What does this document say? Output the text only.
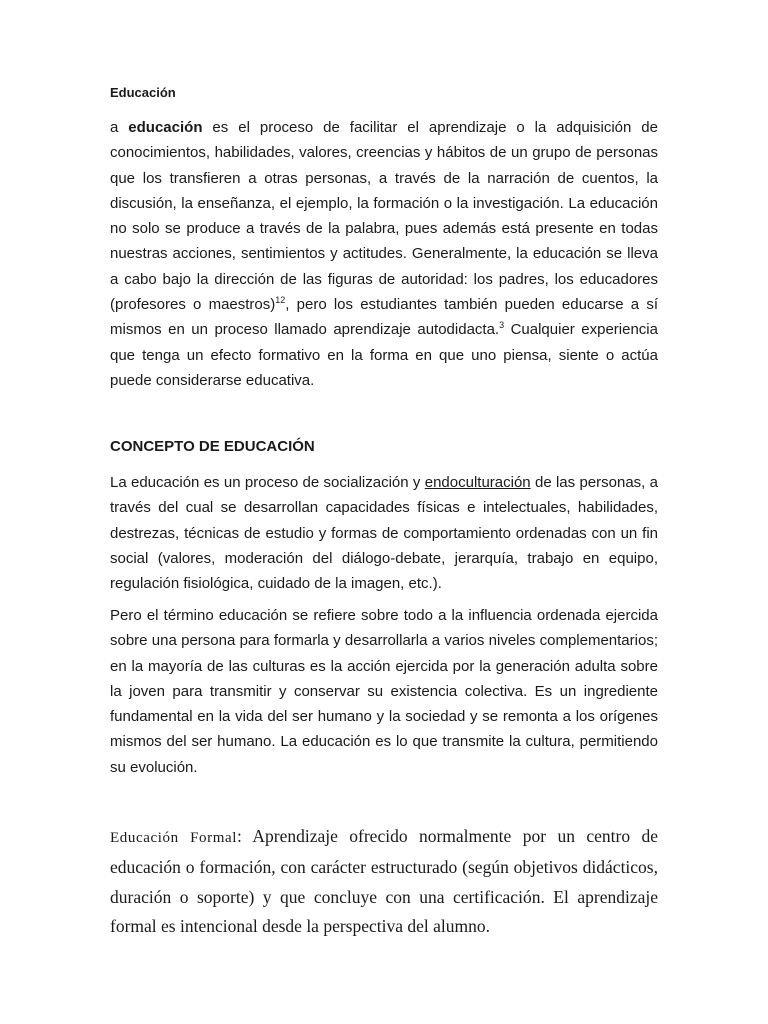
Educación

a educación es el proceso de facilitar el aprendizaje o la adquisición de conocimientos, habilidades, valores, creencias y hábitos de un grupo de personas que los transfieren a otras personas, a través de la narración de cuentos, la discusión, la enseñanza, el ejemplo, la formación o la investigación. La educación no solo se produce a través de la palabra, pues además está presente en todas nuestras acciones, sentimientos y actitudes. Generalmente, la educación se lleva a cabo bajo la dirección de las figuras de autoridad: los padres, los educadores (profesores o maestros)$^{12}$, pero los estudiantes también pueden educarse a sí mismos en un proceso llamado aprendizaje autodidacta.$^3$ Cualquier experiencia que tenga un efecto formativo en la forma en que uno piensa, siente o actúa puede considerarse educativa.

CONCEPTO DE EDUCACIÓN

La educación es un proceso de socialización y endoculturación de las personas, a través del cual se desarrollan capacidades físicas e intelectuales, habilidades, destrezas, técnicas de estudio y formas de comportamiento ordenadas con un fin social (valores, moderación del diálogo-debate, jerarquía, trabajo en equipo, regulación fisiológica, cuidado de la imagen, etc.).

Pero el término educación se refiere sobre todo a la influencia ordenada ejercida sobre una persona para formarla y desarrollarla a varios niveles complementarios; en la mayoría de las culturas es la acción ejercida por la generación adulta sobre la joven para transmitir y conservar su existencia colectiva. Es un ingrediente fundamental en la vida del ser humano y la sociedad y se remonta a los orígenes mismos del ser humano. La educación es lo que transmite la cultura, permitiendo su evolución.

Educación Formal: Aprendizaje ofrecido normalmente por un centro de educación o formación, con carácter estructurado (según objetivos didácticos, duración o soporte) y que concluye con una certificación. El aprendizaje formal es intencional desde la perspectiva del alumno.
